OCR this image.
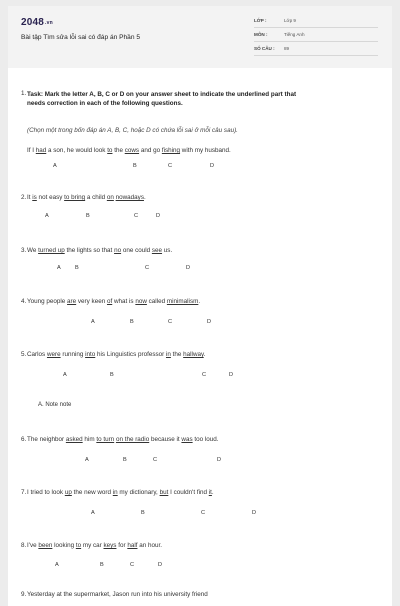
2048.vn
Bài tập Tìm sửa lỗi sai có đáp án Phần 5
LỚP :	Lớp 9
MÔN :	Tiếng Anh
SỐ CÂU : 89
1. Task: Mark the letter A, B, C or D on your answer sheet to indicate the underlined part that
needs correction in each of the following questions.
(Chọn một trong bốn đáp án A, B, C, hoặc D có chứa lỗi sai ở mỗi câu sau).
If I had a son, he would look to the cows and go fishing with my husband.
A	B	C	D
2. It is not easy to bring a child on nowadays.
A	B	C	D
3. We turned up the lights so that no one could see us.
A	B	C	D
4. Young people are very keen of what is now called minimalism.
A	B	C	D
5. Carlos were running into his Linguistics professor in the hallway.
A	B	C	D
A. Note note
6. The neighbor asked him to turn on the radio because it was too loud.
A	B	C	D
7. I tried to look up the new word in my dictionary, but I couldn't find it.
A	B	C	D
8. I've been looking to my car keys for half an hour.
A	B	C	D
9. Yesterday at the supermarket, Jason run into his university friend
